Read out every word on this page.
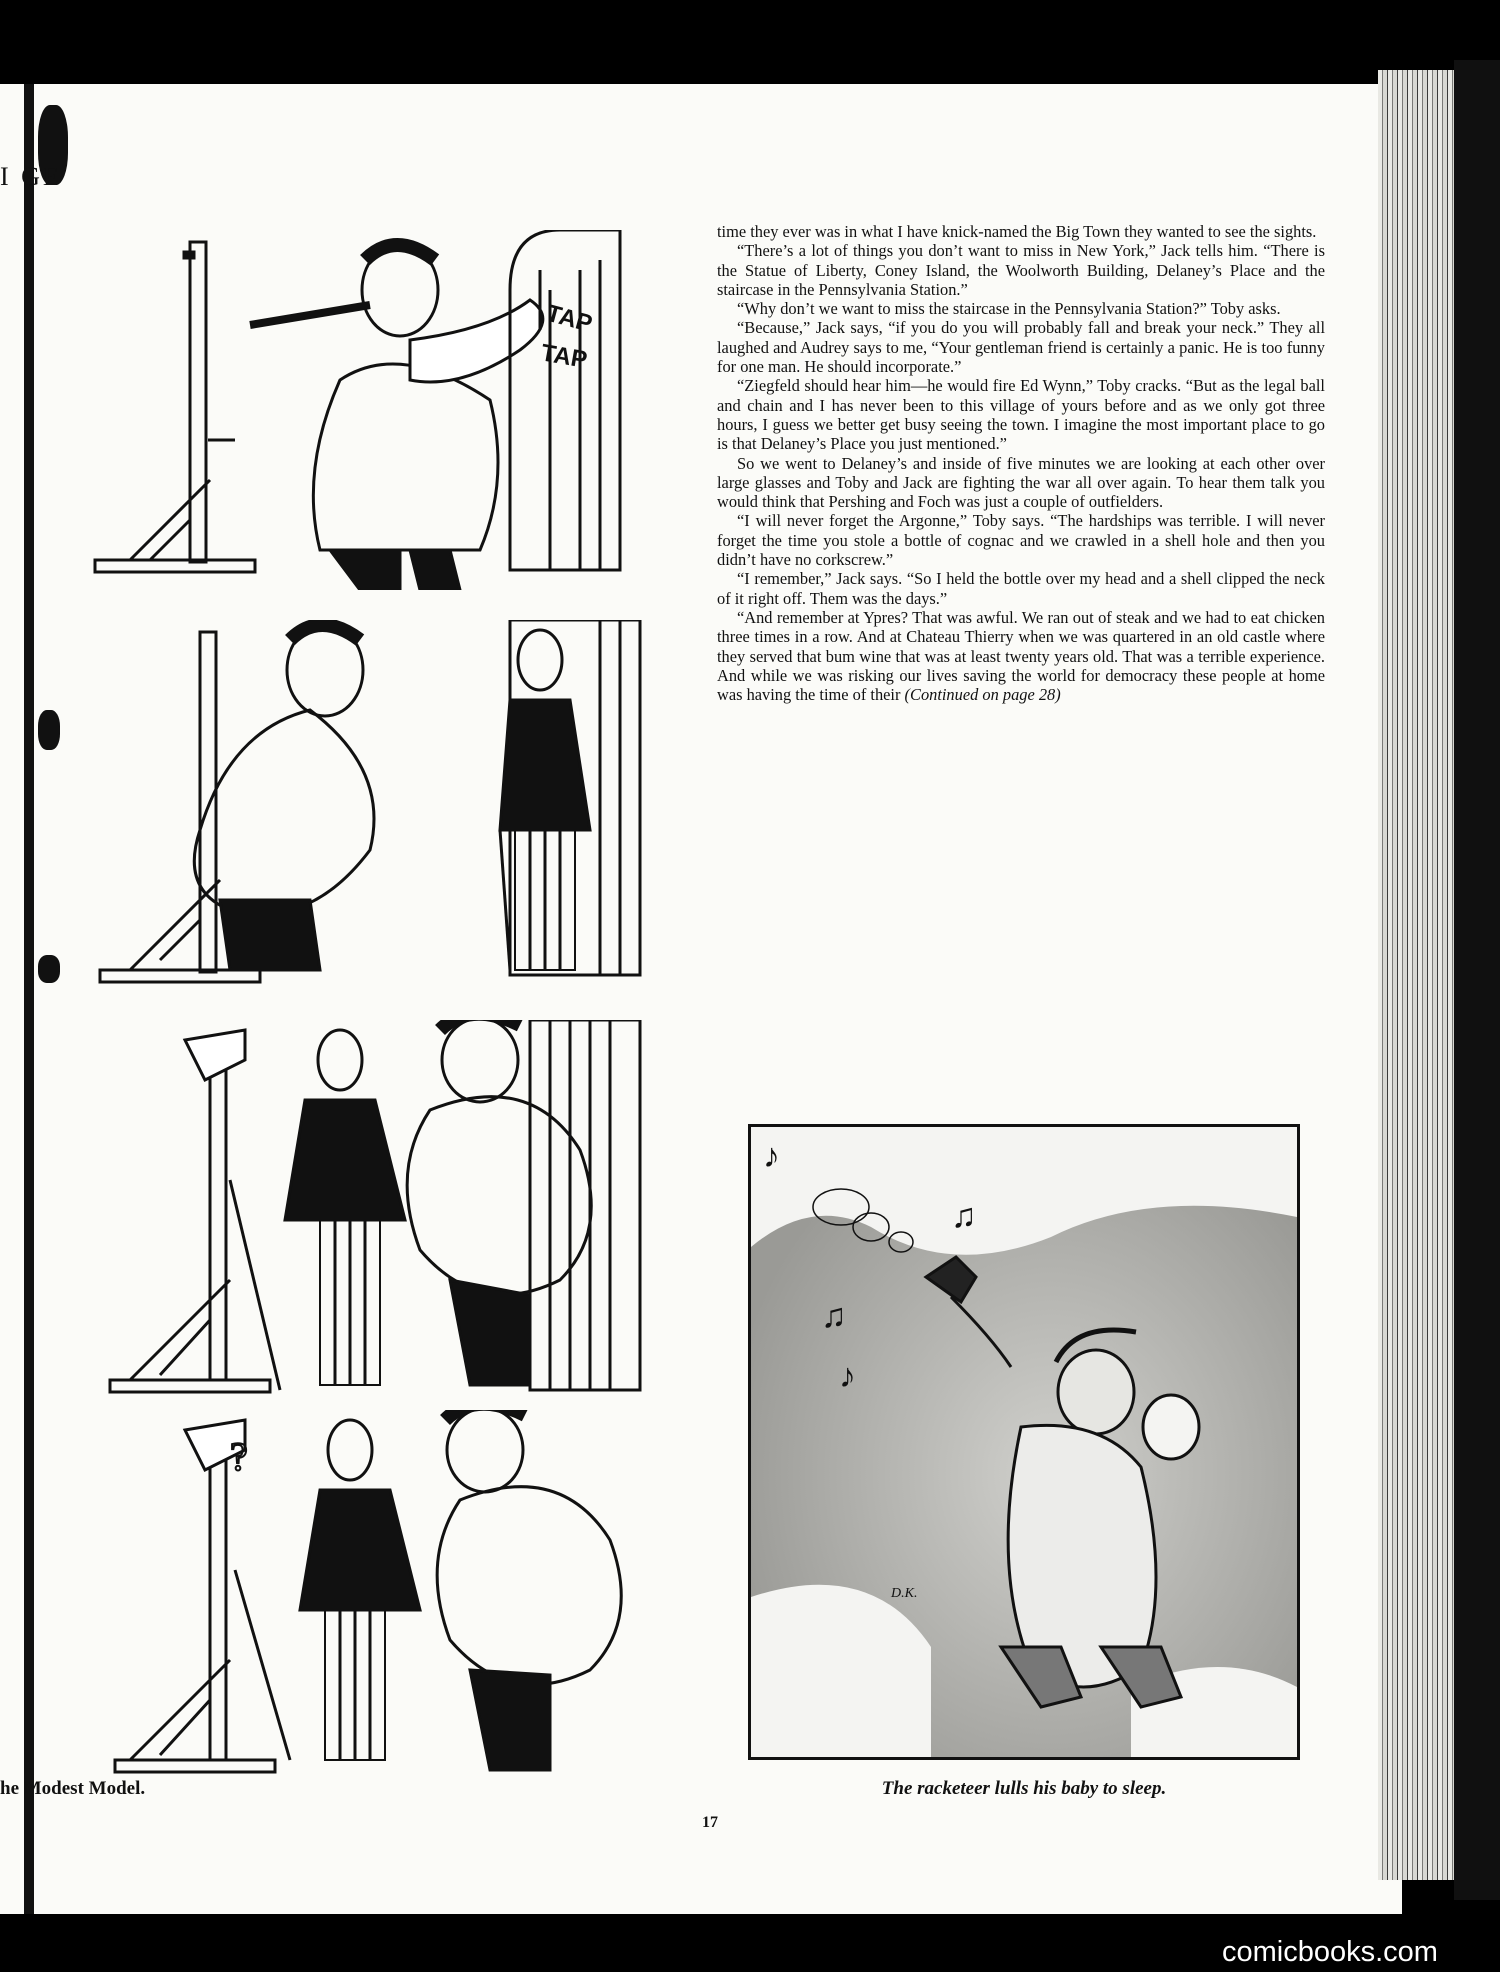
I GE
he Modest Model.
TAP
TAP
?

time they ever was in what I have knick-named the Big Town they wanted to see the sights.

“There’s a lot of things you don’t want to miss in New York,” Jack tells him. “There is the Statue of Liberty, Coney Island, the Woolworth Building, Delaney’s Place and the staircase in the Pennsylvania Station.”

“Why don’t we want to miss the staircase in the Pennsylvania Station?” Toby asks.

“Because,” Jack says, “if you do you will probably fall and break your neck.” They all laughed and Audrey says to me, “Your gentleman friend is certainly a panic. He is too funny for one man. He should incorporate.”

“Ziegfeld should hear him—he would fire Ed Wynn,” Toby cracks. “But as the legal ball and chain and I has never been to this village of yours before and as we only got three hours, I guess we better get busy seeing the town. I imagine the most important place to go is that Delaney’s Place you just mentioned.”

So we went to Delaney’s and inside of five minutes we are looking at each other over large glasses and Toby and Jack are fighting the war all over again. To hear them talk you would think that Pershing and Foch was just a couple of outfielders.

“I will never forget the Argonne,” Toby says. “The hardships was terrible. I will never forget the time you stole a bottle of cognac and we crawled in a shell hole and then you didn’t have no corkscrew.”

“I remember,” Jack says. “So I held the bottle over my head and a shell clipped the neck of it right off. Them was the days.”

“And remember at Ypres? That was awful. We ran out of steak and we had to eat chicken three times in a row. And at Chateau Thierry when we was quartered in an old castle where they served that bum wine that was at least twenty years old. That was a terrible experience. And while we was risking our lives saving the world for democracy these people at home was having the time of their (Continued on page 28)

♪
♫
♫
♪
D.K.
The racketeer lulls his baby to sleep.
17
comicbooks.com
